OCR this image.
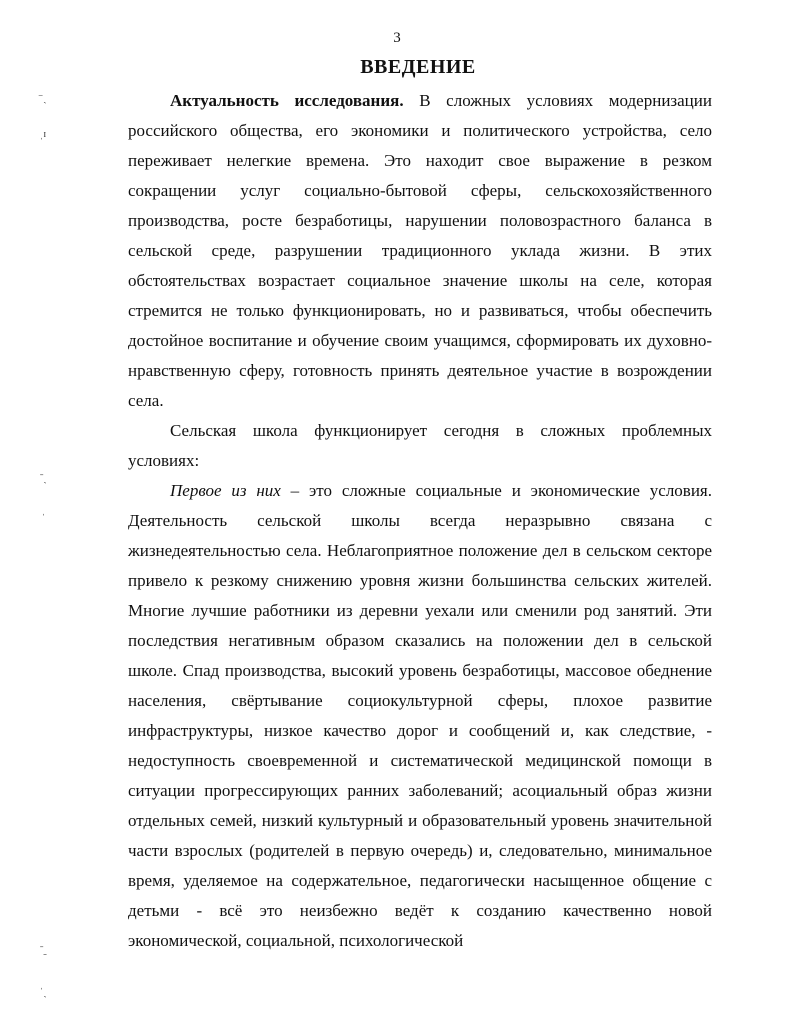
3
ВВЕДЕНИЕ

Актуальность исследования. В сложных условиях модернизации российского общества, его экономики и политического устройства, село переживает нелегкие времена. Это находит свое выражение в резком сокращении услуг социально-бытовой сферы, сельскохозяйственного производства, росте безработицы, нарушении половозрастного баланса в сельской среде, разрушении традиционного уклада жизни. В этих обстоятельствах возрастает социальное значение школы на селе, которая стремится не только функционировать, но и развиваться, чтобы обеспечить достойное воспитание и обучение своим учащимся, сформировать их духовно-нравственную сферу, готовность принять деятельное участие в возрождении села.

Сельская школа функционирует сегодня в сложных проблемных условиях:

Первое из них – это сложные социальные и экономические условия. Деятельность сельской школы всегда неразрывно связана с жизнедеятельностью села. Неблагоприятное положение дел в сельском секторе привело к резкому снижению уровня жизни большинства сельских жителей. Многие лучшие работники из деревни уехали или сменили род занятий. Эти последствия негативным образом сказались на положении дел в сельской школе. Спад производства, высокий уровень безработицы, массовое обеднение населения, свёртывание социокультурной сферы, плохое развитие инфраструктуры, низкое качество дорог и сообщений и, как следствие, - недоступность своевременной и систематической медицинской помощи в ситуации прогрессирующих ранних заболеваний; асоциальный образ жизни отдельных семей, низкий культурный и образовательный уровень значительной части взрослых (родителей в первую очередь) и, следовательно, минимальное время, уделяемое на содержательное, педагогически насыщенное общение с детьми - всё это неизбежно ведёт к созданию качественно новой экономической, социальной, психологической

⁻ˎ
ˌɪ
ˉˎ
ˈ
ˉˍ
ˈˎ
